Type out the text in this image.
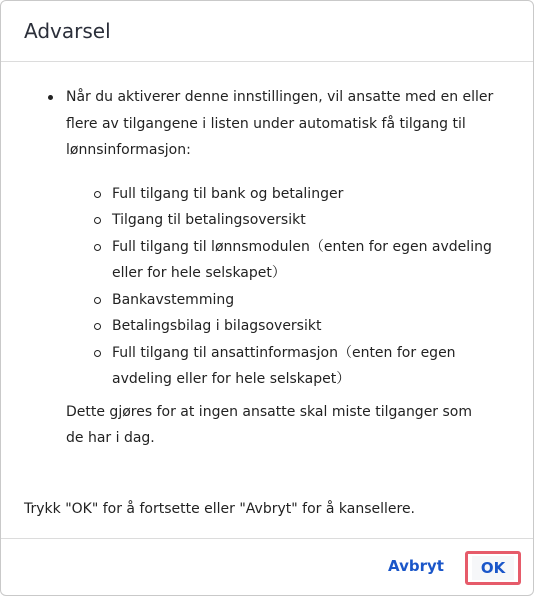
Advarsel
Når du aktiverer denne innstillingen, vil ansatte med en eller flere av tilgangene i listen under automatisk få tilgang til lønnsinformasjon:
Full tilgang til bank og betalinger
Tilgang til betalingsoversikt
Full tilgang til lønnsmodulen（enten for egen avdeling eller for hele selskapet）
Bankavstemming
Betalingsbilag i bilagsoversikt
Full tilgang til ansattinformasjon（enten for egen avdeling eller for hele selskapet）

Dette gjøres for at ingen ansatte skal miste tilganger som de har i dag.

Trykk "OK" for å fortsette eller "Avbryt" for å kansellere.

Avbryt	OK
